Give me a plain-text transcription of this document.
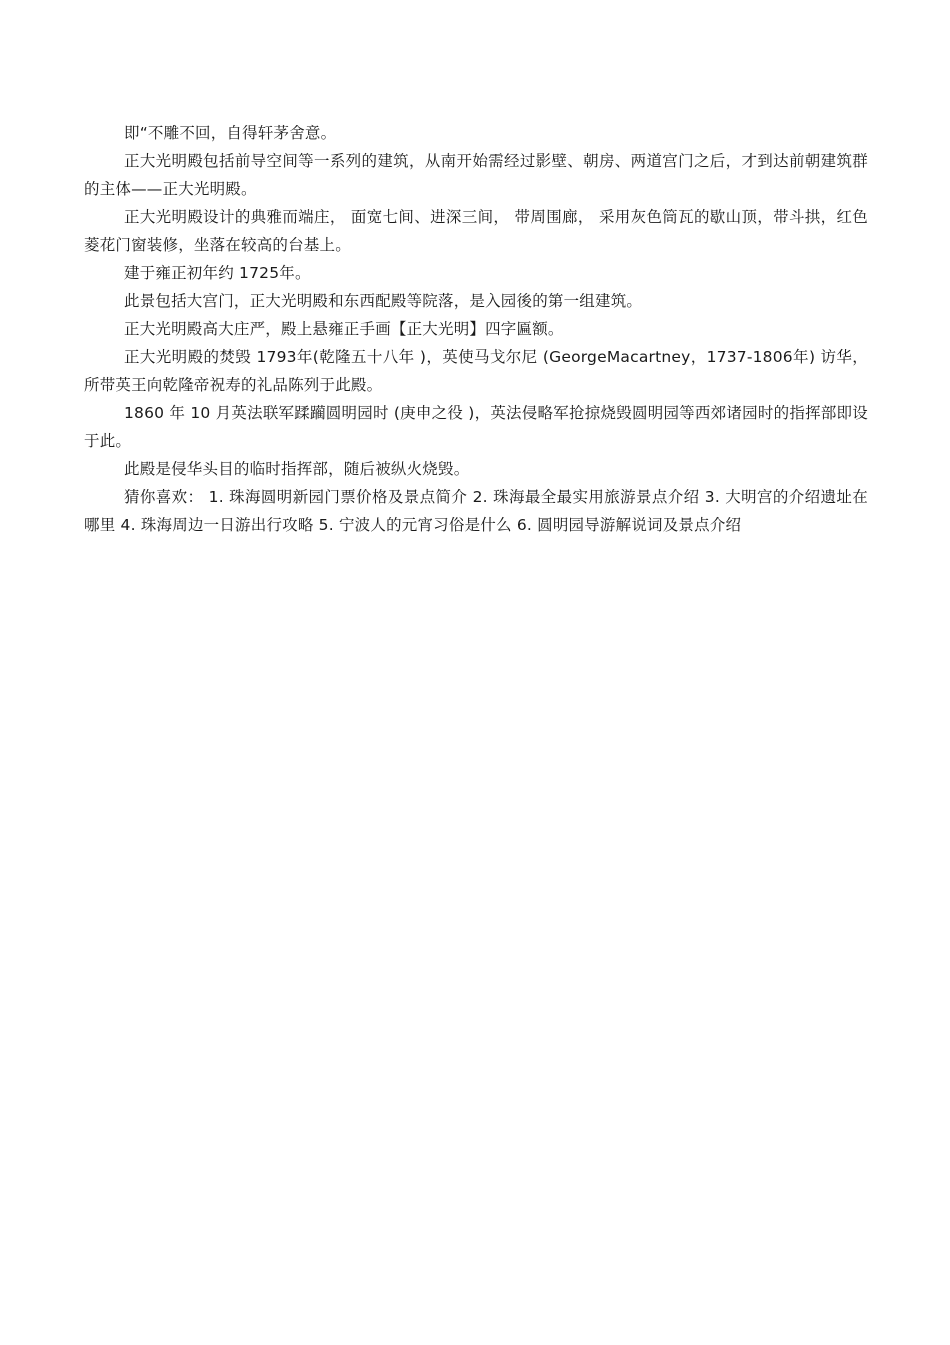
即“不雕不回，自得轩茅舍意。

正大光明殿包括前导空间等一系列的建筑，从南开始需经过影壁、朝房、两道宫门之后，才到达前朝建筑群的主体——正大光明殿。

正大光明殿设计的典雅而端庄， 面宽七间、进深三间， 带周围廊， 采用灰色筒瓦的歇山顶，带斗拱，红色菱花门窗装修，坐落在较高的台基上。

建于雍正初年约 1725年。

此景包括大宫门，正大光明殿和东西配殿等院落，是入园後的第一组建筑。

正大光明殿高大庄严，殿上悬雍正手画【正大光明】四字匾额。

正大光明殿的焚毁 1793年(乾隆五十八年 )，英使马戈尔尼 (GeorgeMacartney，1737-1806年) 访华，所带英王向乾隆帝祝寿的礼品陈列于此殿。

1860 年 10 月英法联军蹂躏圆明园时 (庚申之役 )，英法侵略军抢掠烧毁圆明园等西郊诸园时的指挥部即设于此。

此殿是侵华头目的临时指挥部，随后被纵火烧毁。

猜你喜欢： 1. 珠海圆明新园门票价格及景点简介 2. 珠海最全最实用旅游景点介绍 3. 大明宫的介绍遗址在哪里 4. 珠海周边一日游出行攻略 5. 宁波人的元宵习俗是什么 6. 圆明园导游解说词及景点介绍
